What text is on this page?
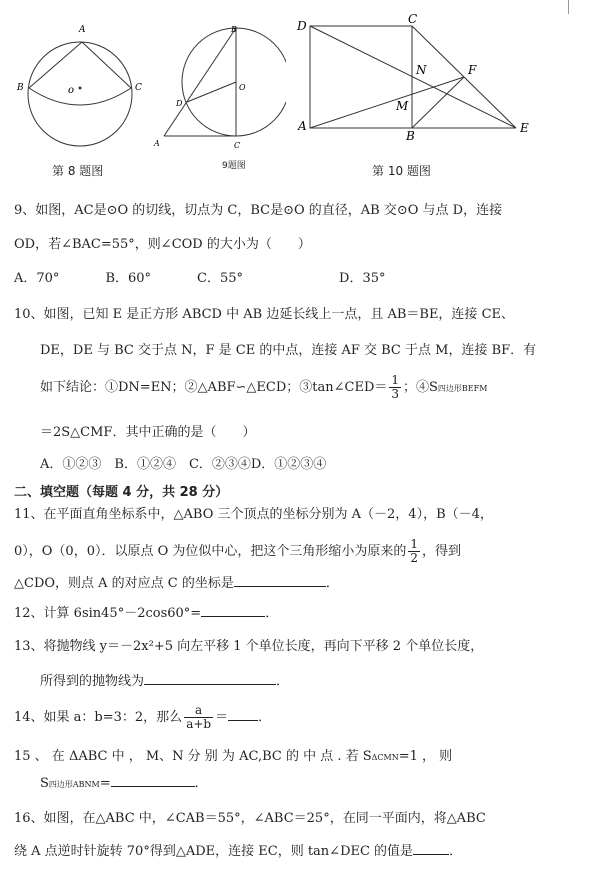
A
B	C
o
第 8 题图
B
O
D
A	C
9题图
D	C
N	F
M
A
B
E
第 10 题图
9、如图，AC是⊙O 的切线，切点为 C，BC是⊙O 的直径，AB 交⊙O 与点 D，连接
OD，若∠BAC=55°，则∠COD 的大小为（　　）
A．70°	B．60°	C．55°	D．35°
10、如图，已知 E 是正方形 ABCD 中 AB 边延长线上一点，且 AB＝BE，连接 CE、
DE，DE 与 BC 交于点 N，F 是 CE 的中点，连接 AF 交 BC 于点 M，连接 BF．有
如下结论：①DN=EN；②△ABF∽△ECD；③tan∠CED＝ $\frac{1}{3}$ ；④S四边形BEFM
＝2S△CMF．其中正确的是（　　）
A．①②③　B．①②④　C．②③④D．①②③④
二、填空题（每题 4 分，共 28 分）
11、在平面直角坐标系中，△ABO 三个顶点的坐标分别为 A（－2，4），B（－4，
0），O（0，0）．以原点 O 为位似中心，把这个三角形缩小为原来的 $\frac{1}{2}$ ，得到
△CDO，则点 A 的对应点 C 的坐标是	．
12、计算 6sin45°－2cos60°=	．
13、将抛物线 y＝－2x²+5 向左平移 1 个单位长度，再向下平移 2 个单位长度，
所得到的抛物线为	．
14、如果 a：b=3：2，那么 $\frac{a}{a+b}$ ＝ ．
15 、 在 ΔABC 中 ， M、N 分 别 为 AC,BC 的 中 点 . 若 SΔCMN=1 ， 则
S四边形ABNM=	．
16、如图，在△ABC 中，∠CAB＝55°，∠ABC＝25°，在同一平面内，将△ABC
绕 A 点逆时针旋转 70°得到△ADE，连接 EC，则 tan∠DEC 的值是	．
